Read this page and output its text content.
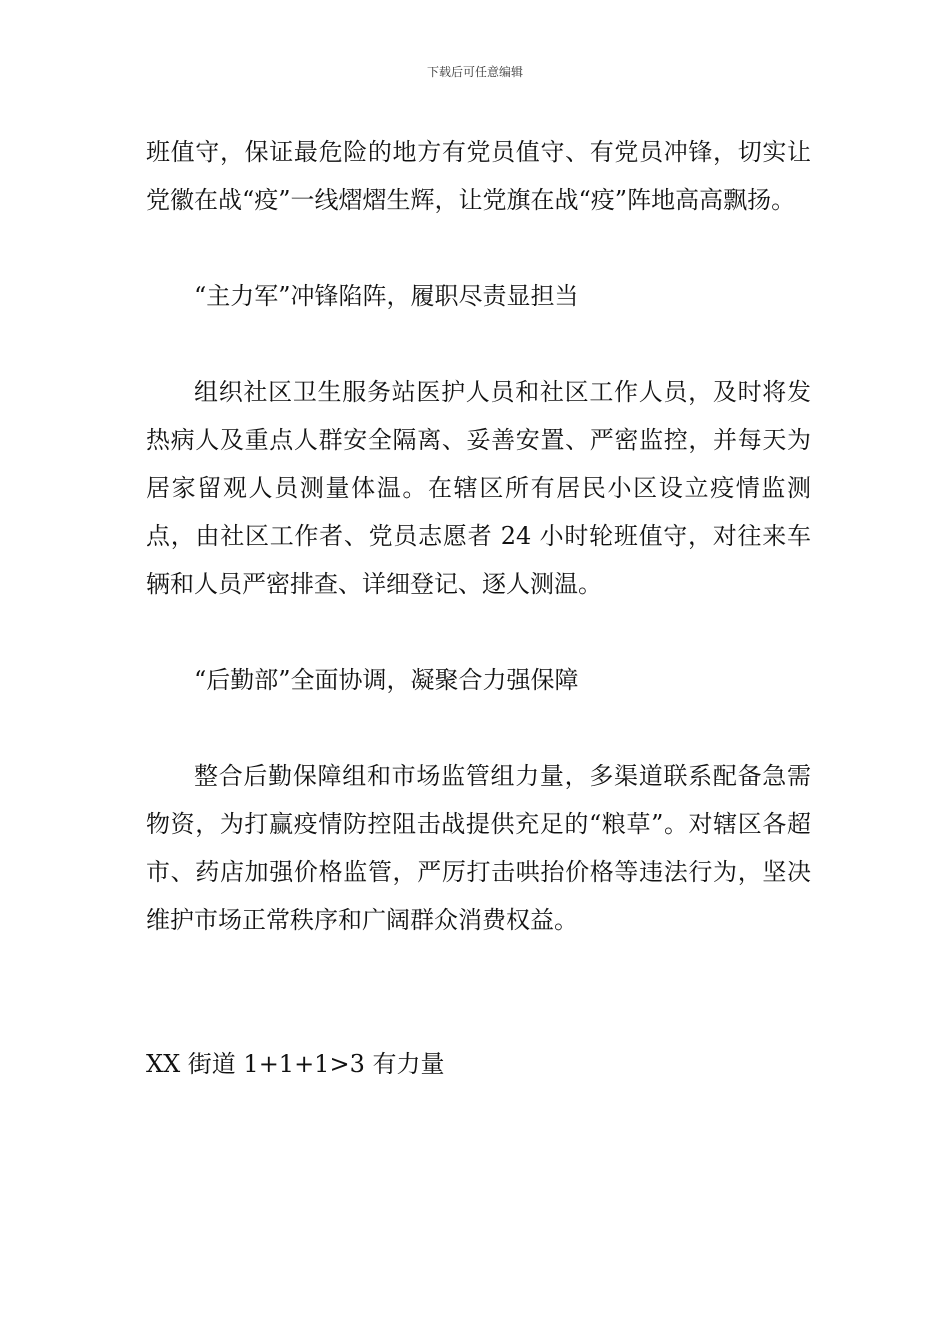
下载后可任意编辑

班值守，保证最危险的地方有党员值守、有党员冲锋，切实让党徽在战“疫”一线熠熠生辉，让党旗在战“疫”阵地高高飘扬。

“主力军”冲锋陷阵，履职尽责显担当

组织社区卫生服务站医护人员和社区工作人员，及时将发热病人及重点人群安全隔离、妥善安置、严密监控，并每天为居家留观人员测量体温。在辖区所有居民小区设立疫情监测点，由社区工作者、党员志愿者 24 小时轮班值守，对往来车辆和人员严密排查、详细登记、逐人测温。

“后勤部”全面协调，凝聚合力强保障

整合后勤保障组和市场监管组力量，多渠道联系配备急需物资，为打赢疫情防控阻击战提供充足的“粮草”。对辖区各超市、药店加强价格监管，严厉打击哄抬价格等违法行为，坚决维护市场正常秩序和广阔群众消费权益。

XX 街道 1+1+1>3 有力量
